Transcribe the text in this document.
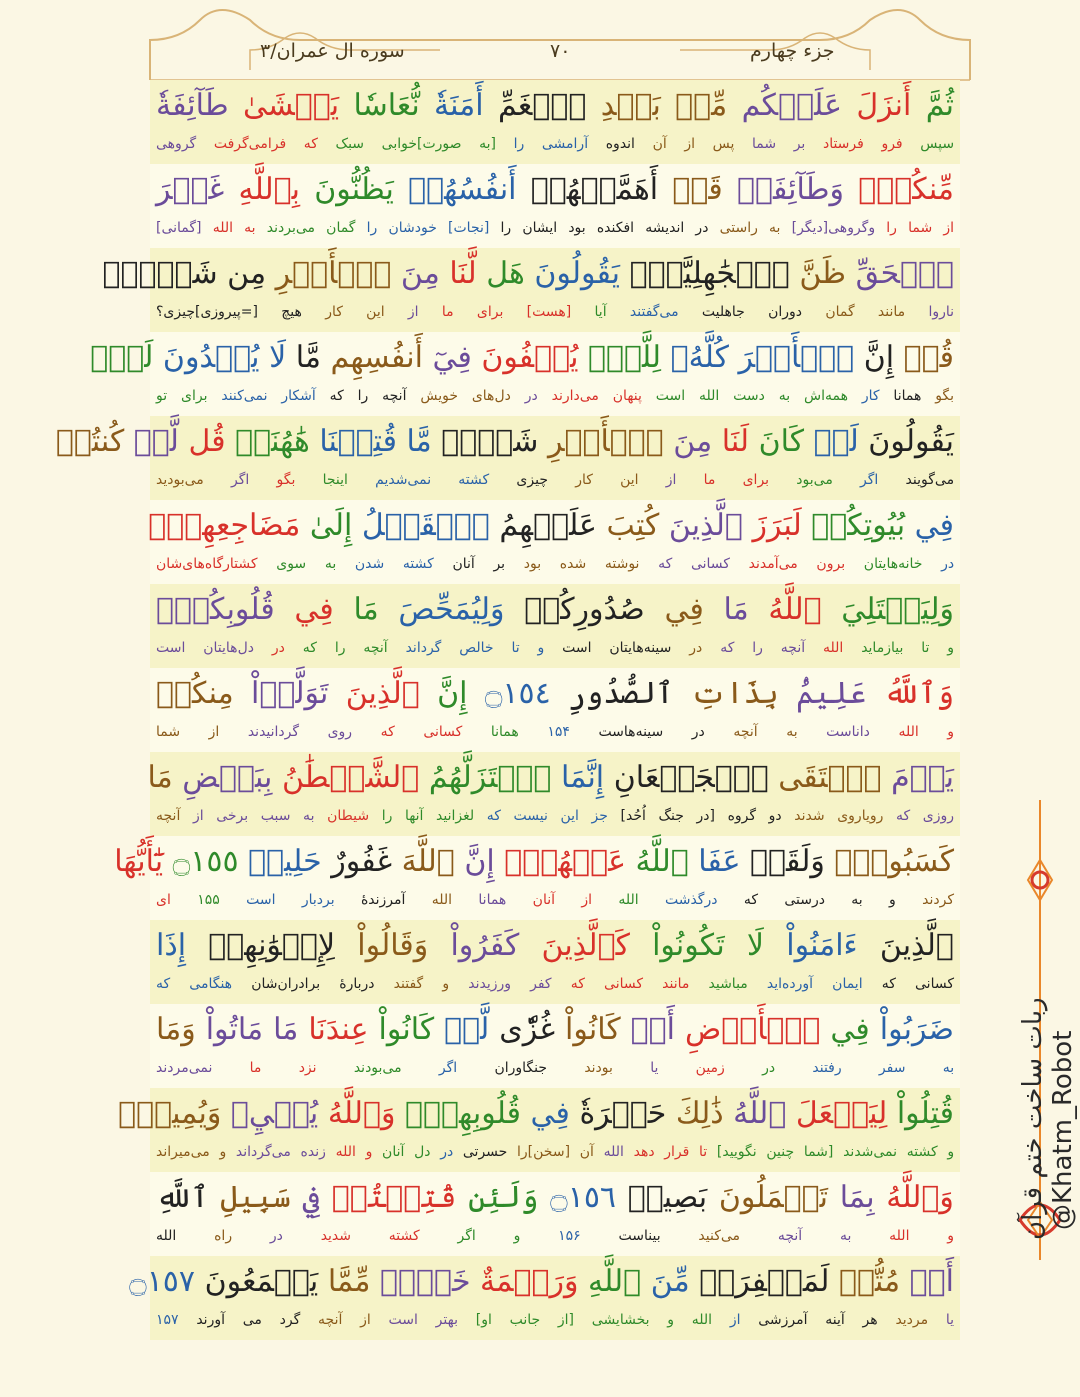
جزء چهارم
۷۰
سوره ال عمران/۳
ثُمَّ أَنزَلَ عَلَيۡكُم مِّنۢ بَعۡدِ ٱلۡغَمِّ أَمَنَةٗ نُّعَاسٗا يَغۡشَىٰ طَآئِفَةٗ
سپس فرو فرستاد بر شما پس از آن اندوه آرامشی را [به صورت]خوابی سبک که فرامی‌گرفت گروهی
مِّنكُمۡۖ وَطَآئِفَةٞ قَدۡ أَهَمَّتۡهُمۡ أَنفُسُهُمۡ يَظُنُّونَ بِٱللَّهِ غَيۡرَ
از شما را وگروهی[دیگر] به راستی در اندیشه افکنده بود ایشان را [نجات] خودشان را گمان می‌بردند به الله [گمانی]
ٱلۡحَقِّ ظَنَّ ٱلۡجَٰهِلِيَّةِۖ يَقُولُونَ هَل لَّنَا مِنَ ٱلۡأَمۡرِ مِن شَيۡءٖۗ
ناروا مانند گمان دوران جاهلیت می‌گفتند آیا [هست] برای ما از این کار هیچ [=پیروزی]چیزی؟
قُلۡ إِنَّ ٱلۡأَمۡرَ كُلَّهُۥ لِلَّهِۗ يُخۡفُونَ فِيٓ أَنفُسِهِم مَّا لَا يُبۡدُونَ لَكَۖ
بگو همانا کار همه‌اش به دست الله است پنهان می‌دارند در دل‌های خویش آنچه را که آشکار نمی‌کنند برای تو
يَقُولُونَ لَوۡ كَانَ لَنَا مِنَ ٱلۡأَمۡرِ شَيۡءٞ مَّا قُتِلۡنَا هَٰهُنَاۗ قُل لَّوۡ كُنتُمۡ
می‌گویند اگر می‌بود برای ما از این کار چیزی کشته نمی‌شدیم اینجا بگو اگر می‌بودید
فِي بُيُوتِكُمۡ لَبَرَزَ ٱلَّذِينَ كُتِبَ عَلَيۡهِمُ ٱلۡقَتۡلُ إِلَىٰ مَضَاجِعِهِمۡۖ
در خانه‌هایتان برون می‌آمدند کسانی که نوشته شده بود بر آنان کشته شدن به سوی کشتارگاه‌های‌شان
وَلِيَبۡتَلِيَ ٱللَّهُ مَا فِي صُدُورِكُمۡ وَلِيُمَحِّصَ مَا فِي قُلُوبِكُمۡۗ
و تا بیازماید الله آنچه را که در سینه‌هایتان است و تا خالص گرداند آنچه را که در دل‌هایتان است
وَٱللَّهُ عَلِيمُۢ بِذَاتِ ٱلصُّدُورِ ۝١٥٤ إِنَّ ٱلَّذِينَ تَوَلَّوۡاْ مِنكُمۡ
و الله داناست به آنچه در سینه‌هاست ۱۵۴ همانا کسانی که روی گردانیدند از شما
يَوۡمَ ٱلۡتَقَى ٱلۡجَمۡعَانِ إِنَّمَا ٱسۡتَزَلَّهُمُ ٱلشَّيۡطَٰنُ بِبَعۡضِ مَا
روزی که رویاروی شدند دو گروه [در جنگ اُحُد] جز این نیست که لغزانید آنها را شیطان به سبب برخی از آنچه
كَسَبُواْۖ وَلَقَدۡ عَفَا ٱللَّهُ عَنۡهُمۡۗ إِنَّ ٱللَّهَ غَفُورٌ حَلِيمٞ ۝١٥٥ يَٰٓأَيُّهَا
کردند و به درستی که درگذشت الله از آنان همانا الله آمرزندهٔ بردبار است ۱۵۵ ای
ٱلَّذِينَ ءَامَنُواْ لَا تَكُونُواْ كَٱلَّذِينَ كَفَرُواْ وَقَالُواْ لِإِخۡوَٰنِهِمۡ إِذَا
کسانی که ایمان آورده‌اید مباشید مانند کسانی که کفر ورزیدند و گفتند دربارهٔ برادران‌شان هنگامی که
ضَرَبُواْ فِي ٱلۡأَرۡضِ أَوۡ كَانُواْ غُزّٗى لَّوۡ كَانُواْ عِندَنَا مَا مَاتُواْ وَمَا
به سفر رفتند در زمین یا بودند جنگاوران اگر می‌بودند نزد ما نمی‌مردند
قُتِلُواْ لِيَجۡعَلَ ٱللَّهُ ذَٰلِكَ حَسۡرَةٗ فِي قُلُوبِهِمۡۗ وَٱللَّهُ يُحۡيِۦ وَيُمِيتُۗ
و کشته نمی‌شدند [شما چنین نگویید] تا قرار دهد الله آن [سخن]را حسرتی در دل آنان و الله زنده می‌گرداند و می‌میراند
وَٱللَّهُ بِمَا تَعۡمَلُونَ بَصِيرٞ ۝١٥٦ وَلَئِن قُتِلۡتُمۡ فِي سَبِيلِ ٱللَّهِ
و الله به آنچه می‌کنید بیناست ۱۵۶ و اگر کشته شدید در راه الله
أَوۡ مُتُّمۡ لَمَغۡفِرَةٞ مِّنَ ٱللَّهِ وَرَحۡمَةٌ خَيۡرٞ مِّمَّا يَجۡمَعُونَ ۝١٥٧
یا مردید هر آینه آمرزشی از الله و بخشایشی [از جانب او] بهتر است از آنچه گرد می آورند ۱۵۷
ربات ساخت ختم قرآن @Khatm_Robot
